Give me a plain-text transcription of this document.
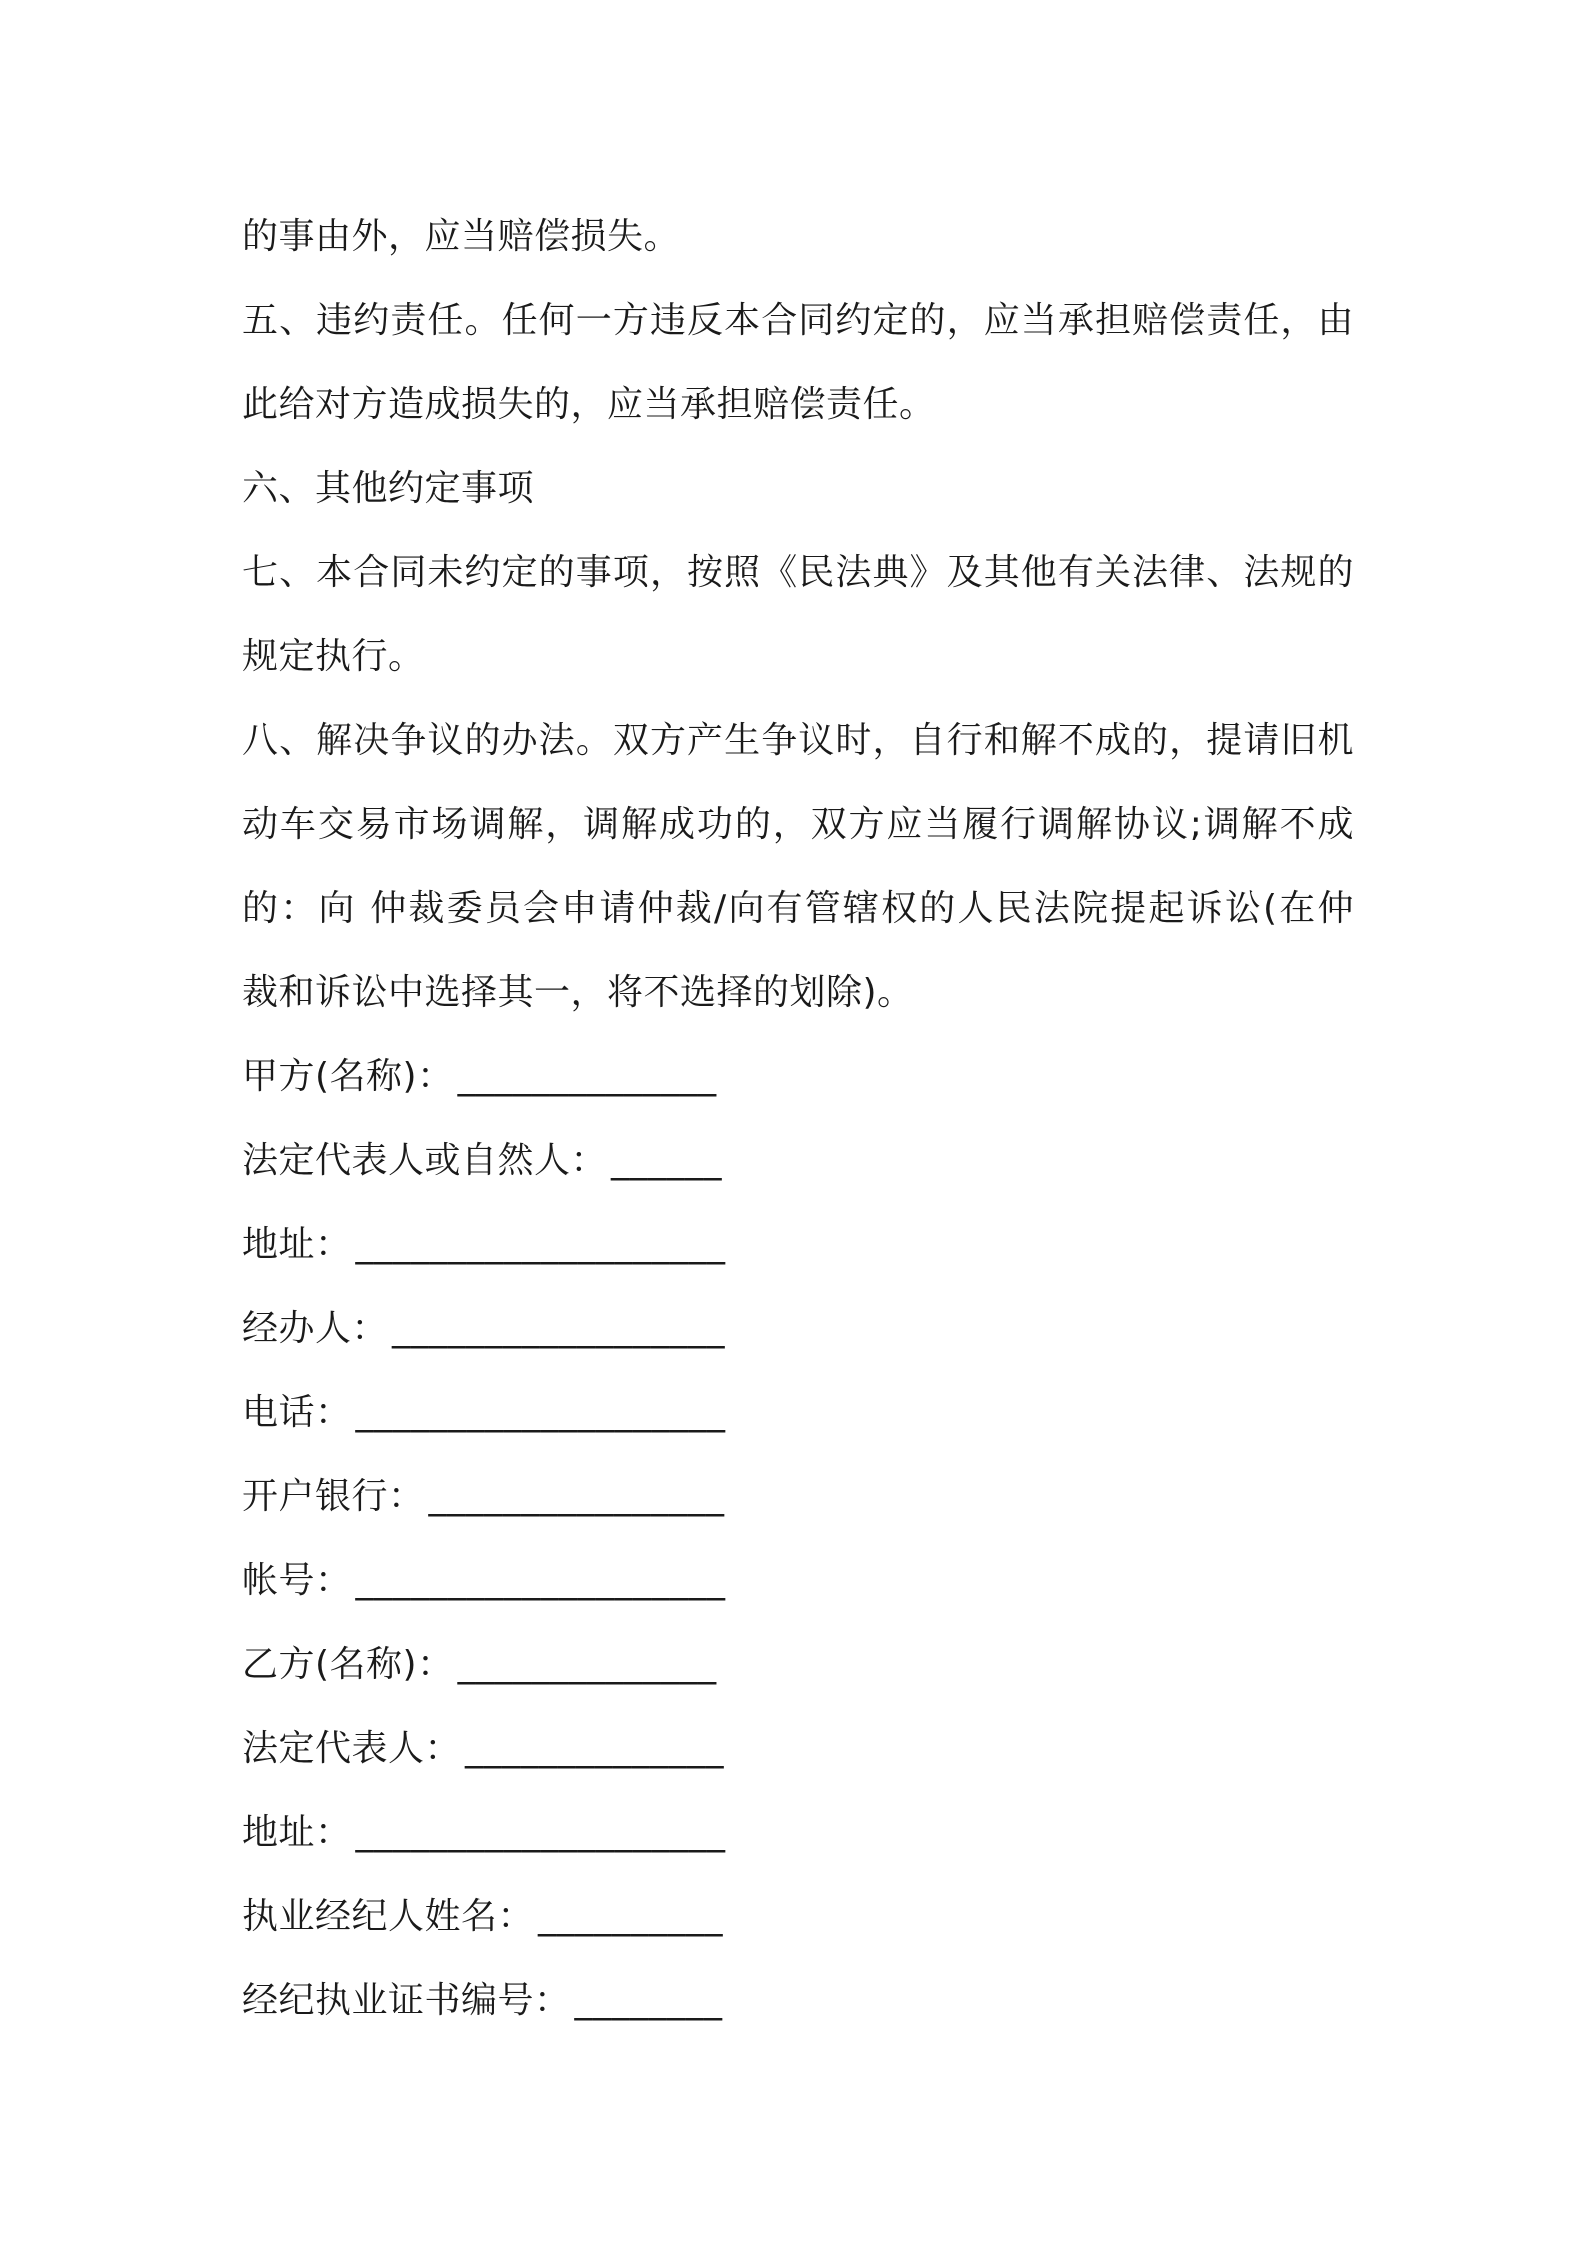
的事由外，应当赔偿损失。
五、违约责任。任何一方违反本合同约定的，应当承担赔偿责任，由
此给对方造成损失的，应当承担赔偿责任。
六、其他约定事项
七、本合同未约定的事项，按照《民法典》及其他有关法律、法规的
规定执行。
八、解决争议的办法。双方产生争议时，自行和解不成的，提请旧机
动车交易市场调解，调解成功的，双方应当履行调解协议;调解不成
的：向 仲裁委员会申请仲裁/向有管辖权的人民法院提起诉讼(在仲
裁和诉讼中选择其一，将不选择的划除)。
甲方(名称)： ______________
法定代表人或自然人： ______
地址： ____________________
经办人： __________________
电话： ____________________
开户银行： ________________
帐号： ____________________
乙方(名称)： ______________
法定代表人： ______________
地址： ____________________
执业经纪人姓名： __________
经纪执业证书编号： ________
